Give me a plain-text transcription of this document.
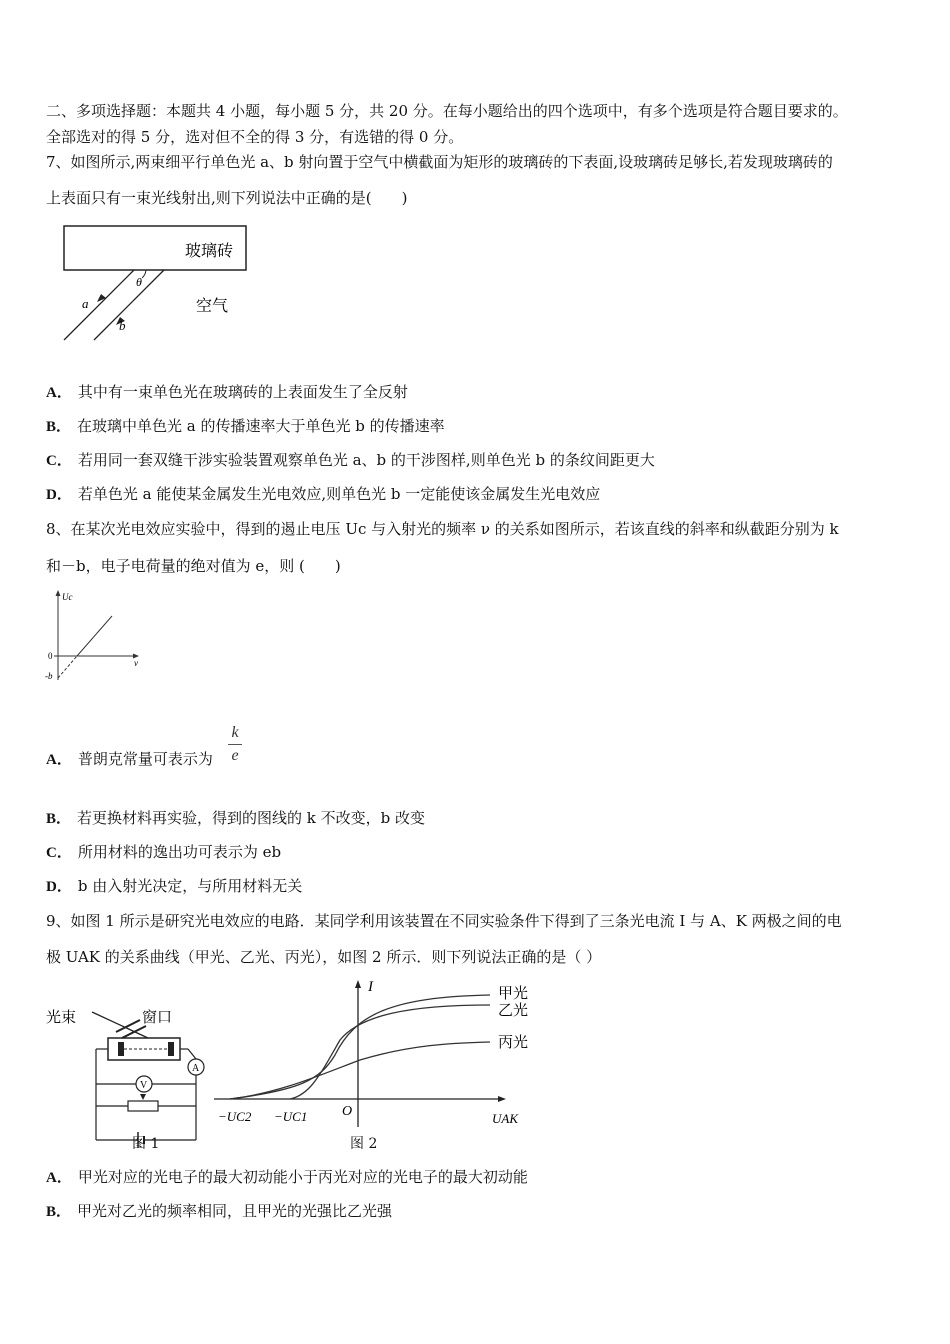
二、多项选择题：本题共 4 小题，每小题 5 分，共 20 分。在每小题给出的四个选项中，有多个选项是符合题目要求的。
全部选对的得 5 分，选对但不全的得 3 分，有选错的得 0 分。
7、如图所示,两束细平行单色光 a、b 射向置于空气中横截面为矩形的玻璃砖的下表面,设玻璃砖足够长,若发现玻璃砖的
上表面只有一束光线射出,则下列说法中正确的是(　　)
玻璃砖
空气
θ
a
b
A． 其中有一束单色光在玻璃砖的上表面发生了全反射
B． 在玻璃中单色光 a 的传播速率大于单色光 b 的传播速率
C． 若用同一套双缝干涉实验装置观察单色光 a、b 的干涉图样,则单色光 b 的条纹间距更大
D． 若单色光 a 能使某金属发生光电效应,则单色光 b 一定能使该金属发生光电效应
8、在某次光电效应实验中，得到的遏止电压 Uc 与入射光的频率 ν 的关系如图所示，若该直线的斜率和纵截距分别为 k
和－b，电子电荷量的绝对值为 e，则 (　　)
Uc
0
-b
ν
A． 普朗克常量可表示为
k
e
B． 若更换材料再实验，得到的图线的 k 不改变，b 改变
C． 所用材料的逸出功可表示为 eb
D． b 由入射光决定，与所用材料无关
9、如图 1 所示是研究光电效应的电路．某同学利用该装置在不同实验条件下得到了三条光电流 I 与 A、K 两极之间的电
极 UAK 的关系曲线（甲光、乙光、丙光），如图 2 所示．则下列说法正确的是（ ）
光束	窗口
A
V
图 1
I
O
−UC2 −UC1	UAK
甲光
乙光
丙光
图 2
A． 甲光对应的光电子的最大初动能小于丙光对应的光电子的最大初动能
B． 甲光对乙光的频率相同，且甲光的光强比乙光强
